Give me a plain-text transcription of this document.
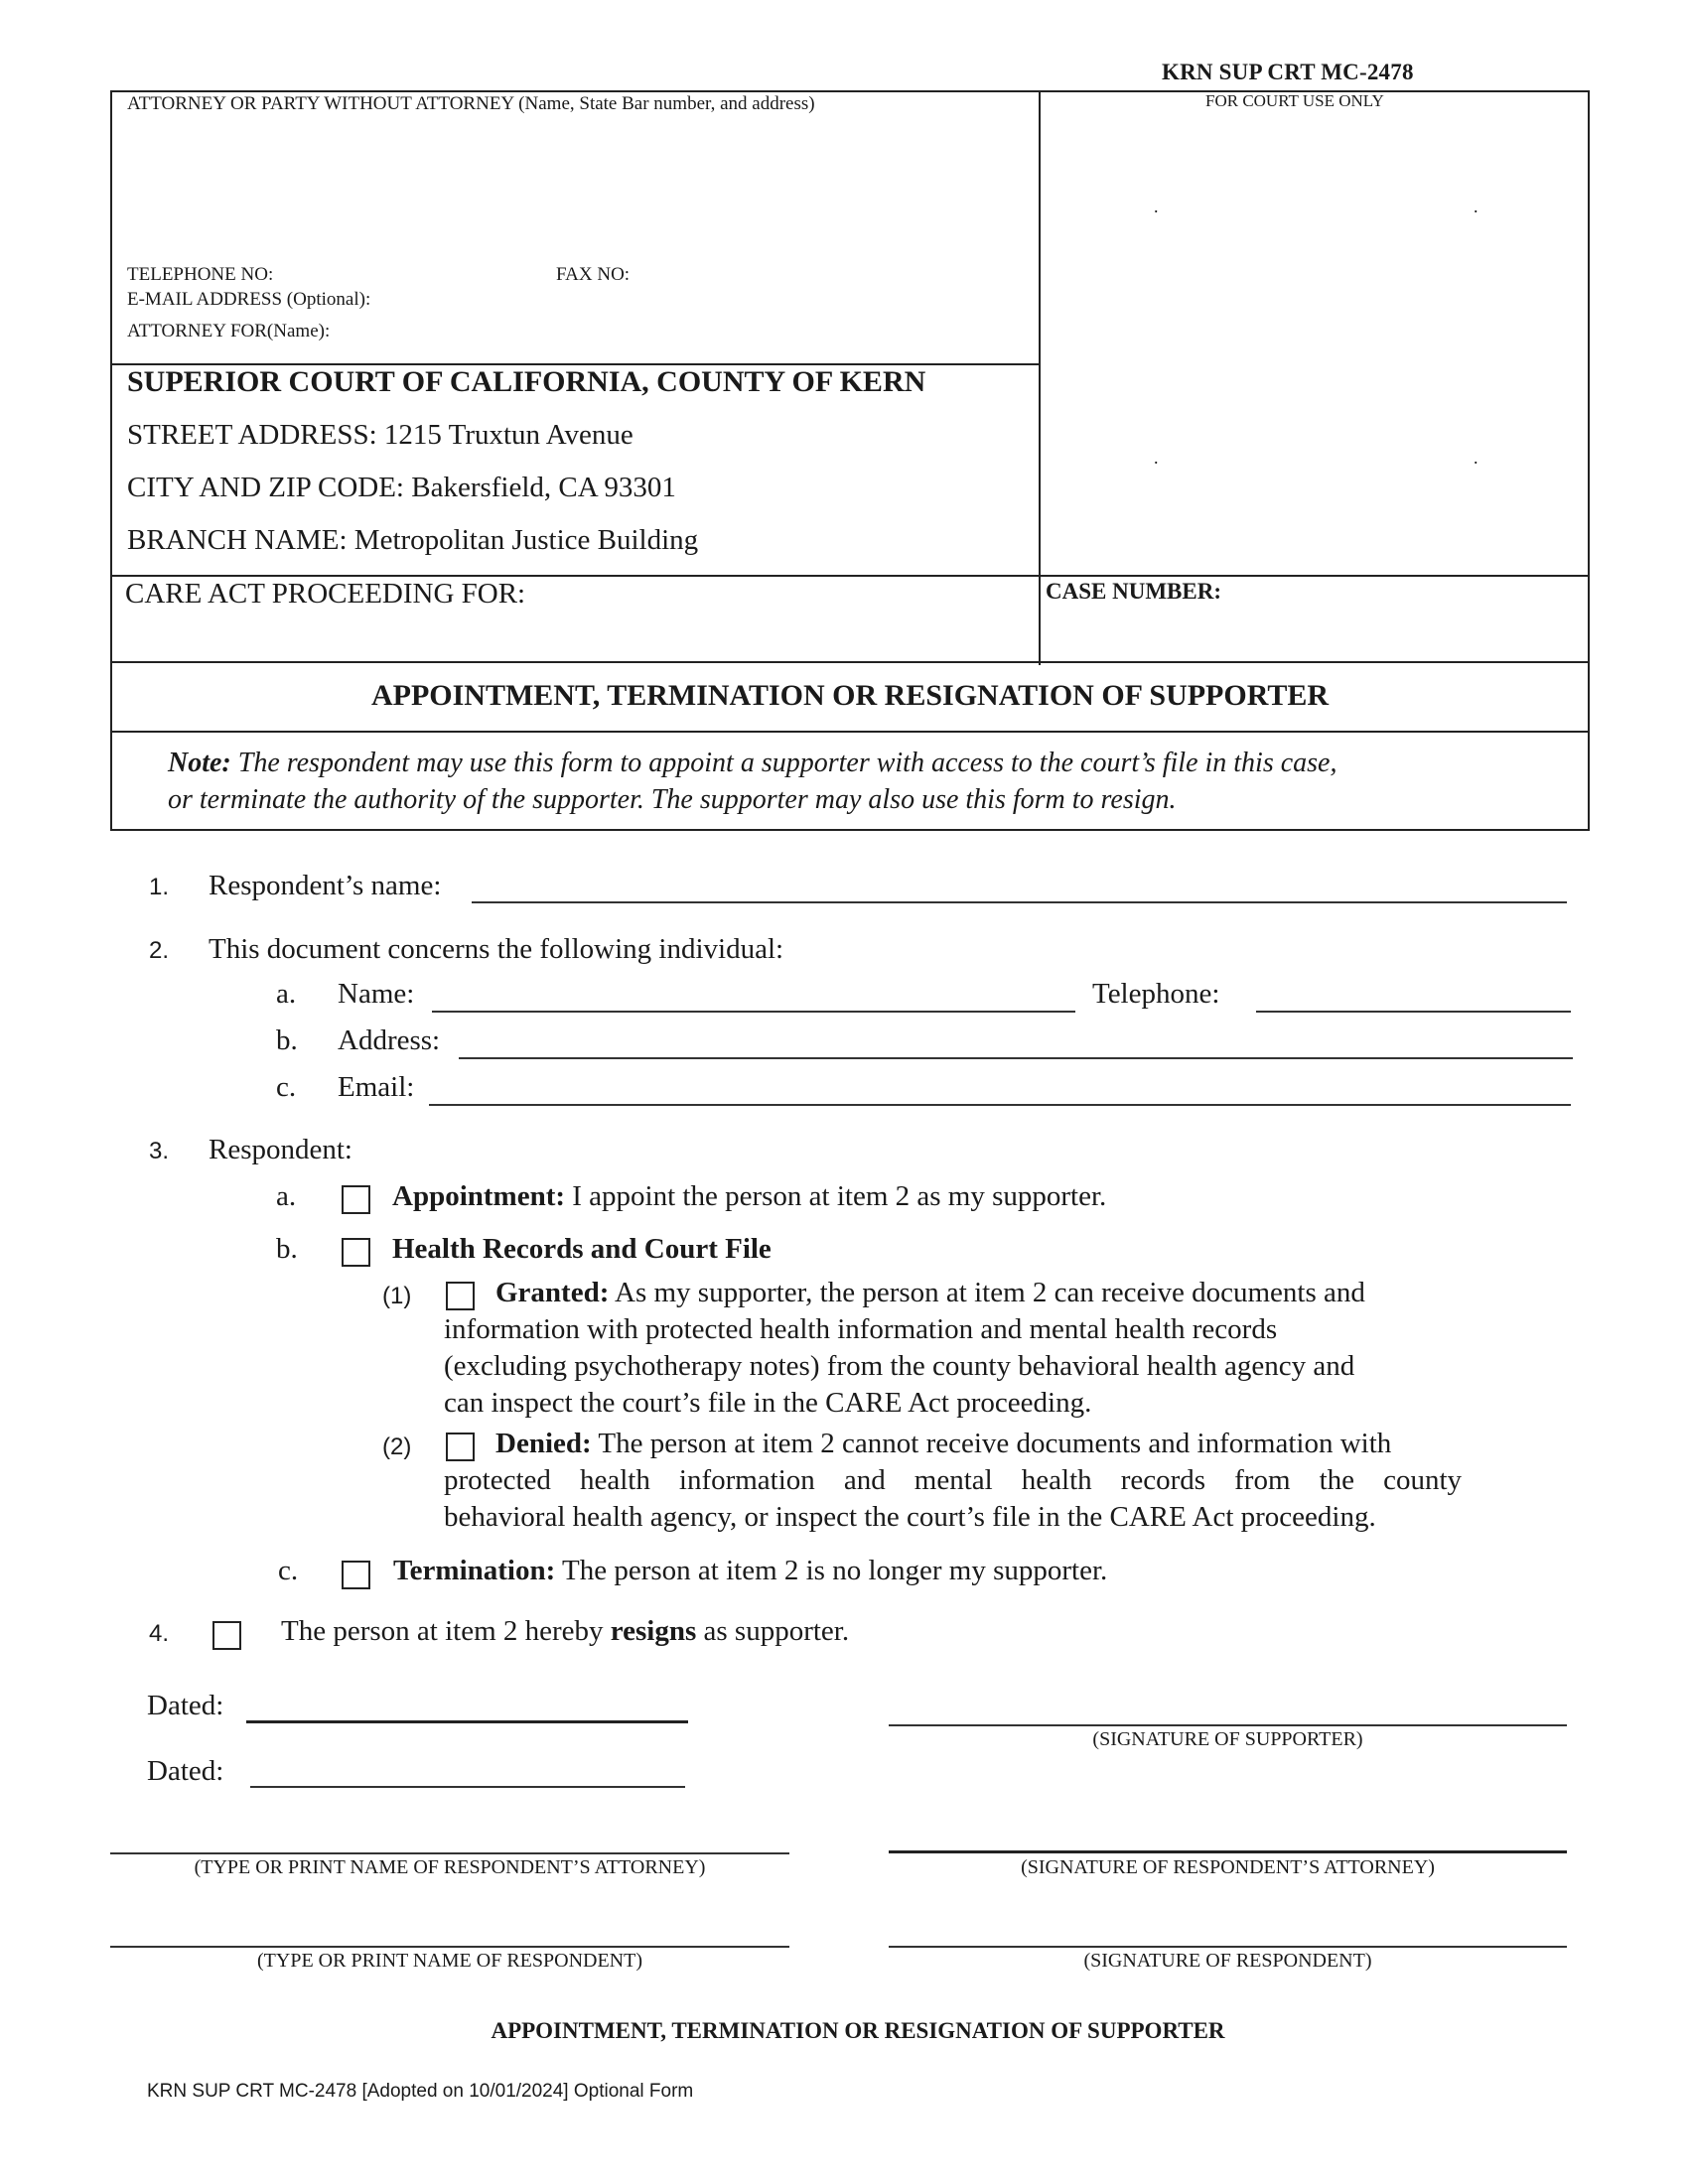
KRN SUP CRT MC-2478
ATTORNEY OR PARTY WITHOUT ATTORNEY (Name, State Bar number, and address)	FOR COURT USE ONLY
TELEPHONE NO:	FAX NO:
E-MAIL ADDRESS (Optional):
ATTORNEY FOR(Name):
SUPERIOR COURT OF CALIFORNIA, COUNTY OF KERN
STREET ADDRESS: 1215 Truxtun Avenue
CITY AND ZIP CODE: Bakersfield, CA 93301
BRANCH NAME: Metropolitan Justice Building
CARE ACT PROCEEDING FOR:	CASE NUMBER:
.	.
.	.
APPOINTMENT, TERMINATION OR RESIGNATION OF SUPPORTER
Note: The respondent may use this form to appoint a supporter with access to the court’s file in this case,
or terminate the authority of the supporter. The supporter may also use this form to resign.
1. Respondent’s name:
2. This document concerns the following individual:
a. Name:	Telephone:
b. Address:
c. Email:
3. Respondent:
a.	Appointment: I appoint the person at item 2 as my supporter.
b.	Health Records and Court File
(1)	Granted: As my supporter, the person at item 2 can receive documents and
information with protected health information and mental health records
(excluding psychotherapy notes) from the county behavioral health agency and
can inspect the court’s file in the CARE Act proceeding.
(2)	Denied: The person at item 2 cannot receive documents and information with
protected health information and mental health records from the county
behavioral health agency, or inspect the court’s file in the CARE Act proceeding.
c.	Termination: The person at item 2 is no longer my supporter.
4.	The person at item 2 hereby resigns as supporter.
Dated:
Dated:
(SIGNATURE OF SUPPORTER)
(TYPE OR PRINT NAME OF RESPONDENT’S ATTORNEY)	(SIGNATURE OF RESPONDENT’S ATTORNEY)
(TYPE OR PRINT NAME OF RESPONDENT)	(SIGNATURE OF RESPONDENT)
APPOINTMENT, TERMINATION OR RESIGNATION OF SUPPORTER
KRN SUP CRT MC-2478 [Adopted on 10/01/2024] Optional Form
